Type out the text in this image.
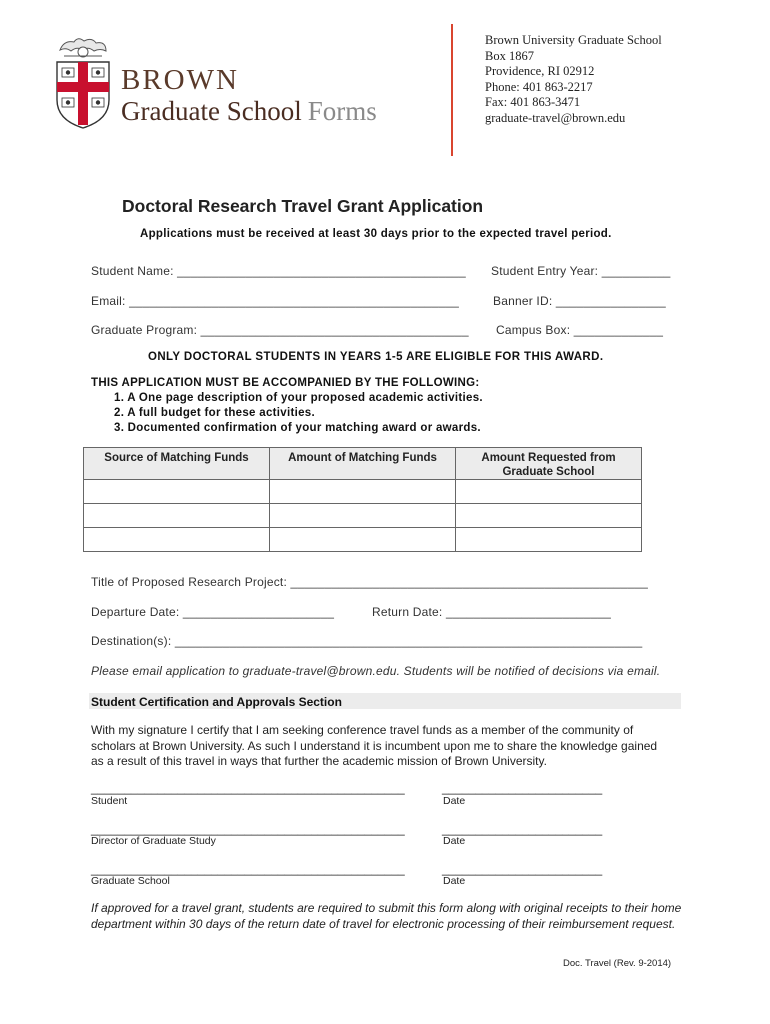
BROWN
Graduate School Forms
Brown University Graduate School
Box 1867
Providence, RI 02912
Phone: 401 863-2217
Fax: 401 863-3471
graduate-travel@brown.edu
Doctoral Research Travel Grant Application
Applications must be received at least 30 days prior to the expected travel period.
Student Name: __________________________________________ Student Entry Year: __________
Email: ________________________________________________	Banner ID: ________________
Graduate Program: _______________________________________ Campus Box: _____________
ONLY DOCTORAL STUDENTS IN YEARS 1-5 ARE ELIGIBLE FOR THIS AWARD.
THIS APPLICATION MUST BE ACCOMPANIED BY THE FOLLOWING:
1. A One page description of your proposed academic activities.
2. A full budget for these activities.
3. Documented confirmation of your matching award or awards.
Source of Matching Funds	Amount of Matching Funds	Amount Requested from Graduate School

Title of Proposed Research Project: ____________________________________________________
Departure Date: ______________________	Return Date: ________________________
Destination(s): ____________________________________________________________________
Please email application to graduate-travel@brown.edu. Students will be notified of decisions via email.
Student Certification and Approvals Section
With my signature I certify that I am seeking conference travel funds as a member of the community of scholars at Brown University. As such I understand it is incumbent upon me to share the knowledge gained as a result of this travel in ways that further the academic mission of Brown University.
_______________________________________________	________________________
Student	Date
_______________________________________________	________________________
Director of Graduate Study	Date
_______________________________________________	________________________
Graduate School	Date
If approved for a travel grant, students are required to submit this form along with original receipts to their home department within 30 days of the return date of travel for electronic processing of their reimbursement request.
Doc. Travel (Rev. 9-2014)
